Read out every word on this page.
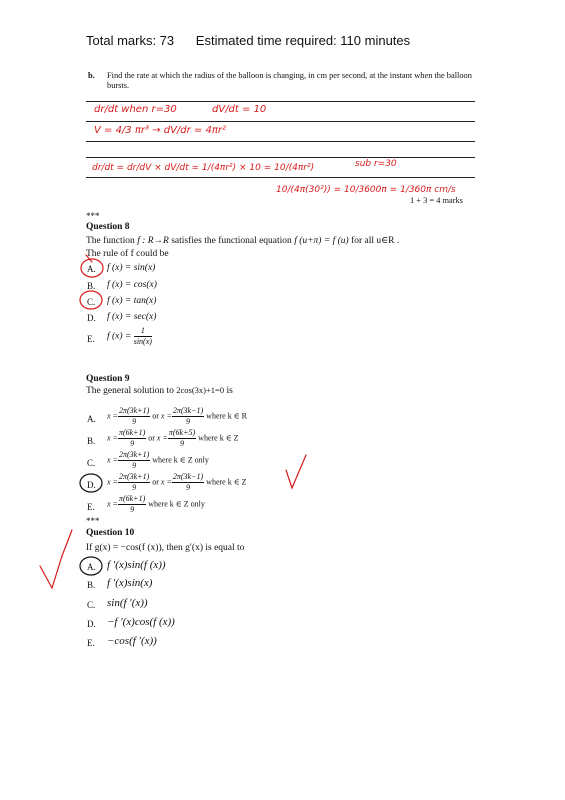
Total marks: 73 Estimated time required: 110 minutes
b. Find the rate at which the radius of the balloon is changing, in cm per second, at the instant when the balloon bursts.
1 + 3 = 4 marks
***
Question 8
The function f : R→R satisfies the functional equation f (u+π) = f (u) for all u∈R .
The rule of f could be
A. f (x) = sin(x)
B. f (x) = cos(x)
C. f (x) = tan(x)
D. f (x) = sec(x)
E. f $(x) = \frac{1}{\sin(x)}$
Question 9
The general solution to 2cos(3x)+1=0 is
A. $x = \frac{2\pi(3k+1)}{9}$ or $x = \frac{2\pi(3k-1)}{9}$ where k ∈ R
B. $x = \frac{\pi(6k+1)}{9}$ or $x = \frac{\pi(6k+5)}{9}$ where k ∈ Z
C. $x = \frac{2\pi(3k+1)}{9}$ where k ∈ Z only
D. $x = \frac{2\pi(3k+1)}{9}$ or $x = \frac{2\pi(3k-1)}{9}$ where k ∈ Z
E. $x = \frac{\pi(6k+1)}{9}$ where k ∈ Z only
***
Question 10
If g(x) = −cos(f (x)), then g′(x) is equal to
A. f ′(x)sin(f (x))
B. f ′(x)sin(x)
C. sin(f ′(x))
D. −f ′(x)cos(f (x))
E. −cos(f ′(x))
dr/dt when r=30	dV/dt = 10
V = 4/3 πr³ → dV/dr = 4πr²
dr/dt = dr/dV × dV/dt = 1/(4πr²) × 10 = 10/(4πr²)	sub r=30
10/(4π(30²)) = 10/3600π = 1/360π cm/s
